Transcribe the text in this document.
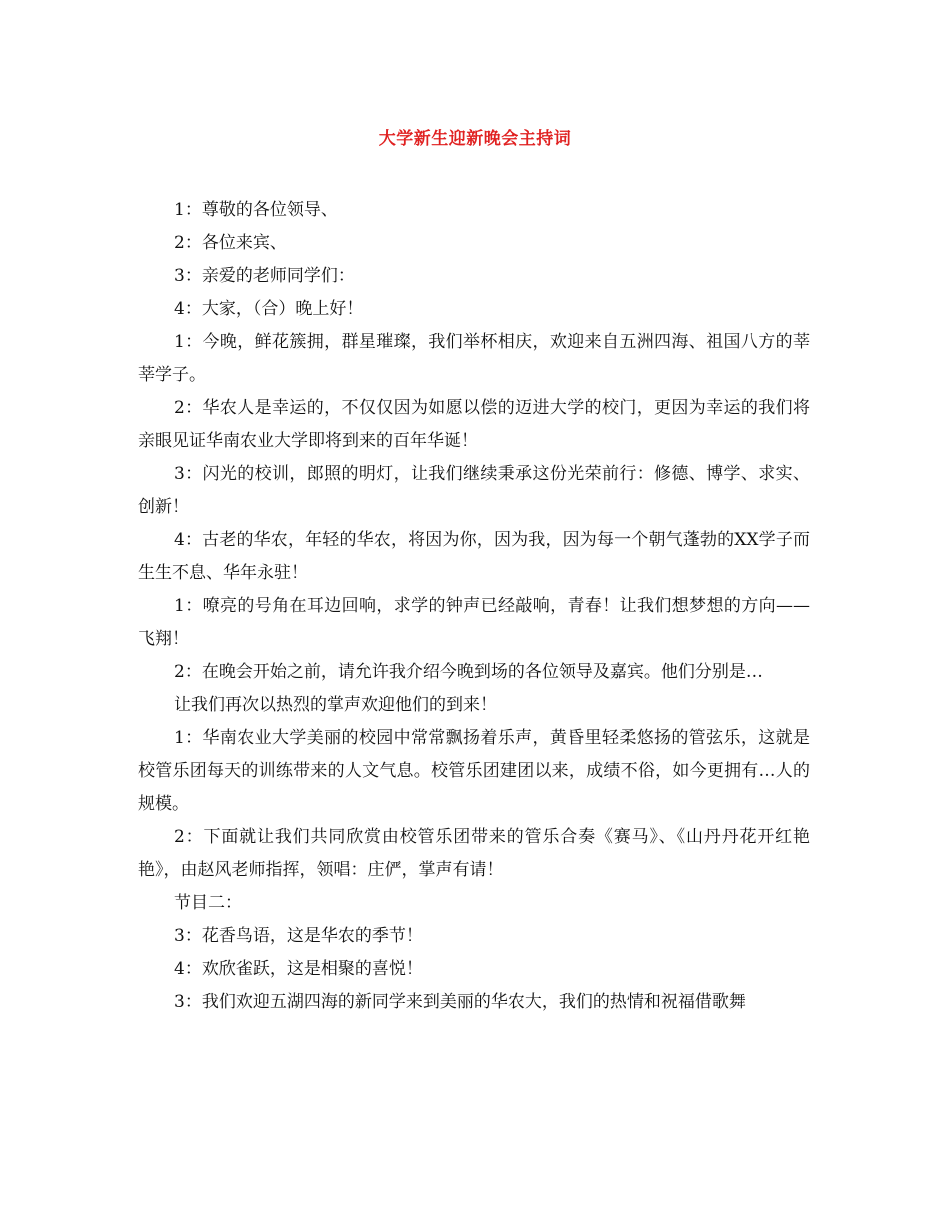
大学新生迎新晚会主持词

1：尊敬的各位领导、

2：各位来宾、

3：亲爱的老师同学们：

4：大家，（合）晚上好！

1：今晚，鲜花簇拥，群星璀璨，我们举杯相庆，欢迎来自五洲四海、祖国八方的莘莘学子。

2：华农人是幸运的，不仅仅因为如愿以偿的迈进大学的校门，更因为幸运的我们将亲眼见证华南农业大学即将到来的百年华诞！

3：闪光的校训，郎照的明灯，让我们继续秉承这份光荣前行：修德、博学、求实、创新！

4：古老的华农，年轻的华农，将因为你，因为我，因为每一个朝气蓬勃的XX学子而生生不息、华年永驻！

1：嘹亮的号角在耳边回响，求学的钟声已经敲响，青春！让我们想梦想的方向——飞翔！

2：在晚会开始之前，请允许我介绍今晚到场的各位领导及嘉宾。他们分别是…

让我们再次以热烈的掌声欢迎他们的到来！

1：华南农业大学美丽的校园中常常飘扬着乐声，黄昏里轻柔悠扬的管弦乐，这就是校管乐团每天的训练带来的人文气息。校管乐团建团以来，成绩不俗，如今更拥有…人的规模。

2：下面就让我们共同欣赏由校管乐团带来的管乐合奏《赛马》、《山丹丹花开红艳艳》，由赵风老师指挥，领唱：庄俨，掌声有请！

节目二：

3：花香鸟语，这是华农的季节！

4：欢欣雀跃，这是相聚的喜悦！

3：我们欢迎五湖四海的新同学来到美丽的华农大，我们的热情和祝福借歌舞
